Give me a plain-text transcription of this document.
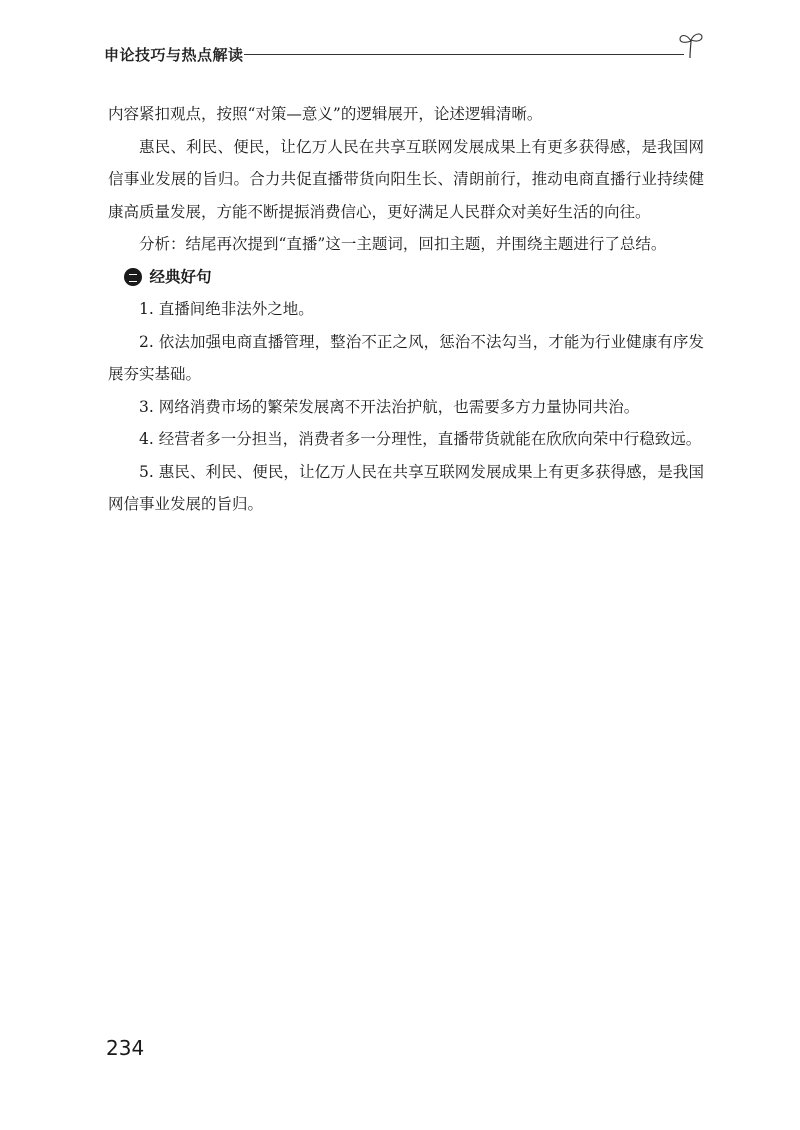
申论技巧与热点解读

内容紧扣观点，按照“对策—意义”的逻辑展开，论述逻辑清晰。

惠民、利民、便民，让亿万人民在共享互联网发展成果上有更多获得感，是我国网信事业发展的旨归。合力共促直播带货向阳生长、清朗前行，推动电商直播行业持续健康高质量发展，方能不断提振消费信心，更好满足人民群众对美好生活的向往。

分析：结尾再次提到“直播”这一主题词，回扣主题，并围绕主题进行了总结。

经典好句

1. 直播间绝非法外之地。

2. 依法加强电商直播管理，整治不正之风，惩治不法勾当，才能为行业健康有序发展夯实基础。

3. 网络消费市场的繁荣发展离不开法治护航，也需要多方力量协同共治。

4. 经营者多一分担当，消费者多一分理性，直播带货就能在欣欣向荣中行稳致远。

5. 惠民、利民、便民，让亿万人民在共享互联网发展成果上有更多获得感，是我国网信事业发展的旨归。

234
